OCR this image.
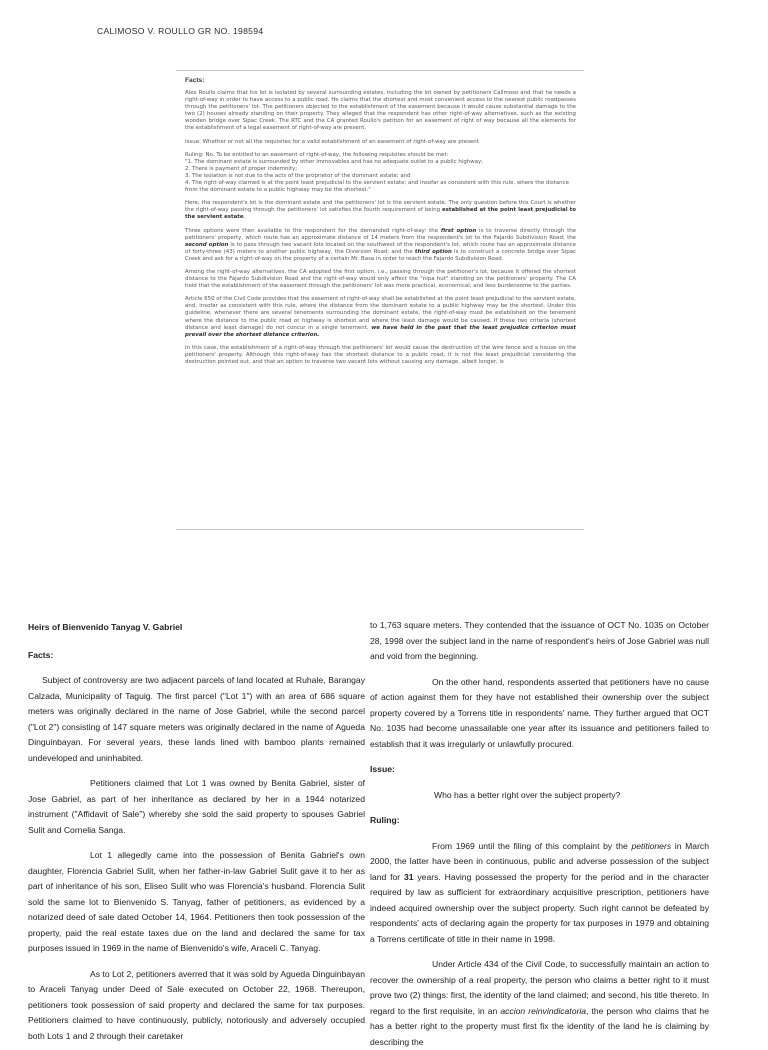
CALIMOSO V. ROULLO GR NO. 198594
Facts:

Alex Roullo claims that his lot is isolated by several surrounding estates, including the lot owned by petitioners Calimoso and that he needs a right-of-way in order to have access to a public road. He claims that the shortest and most convenient access to the nearest public roadpasses through the petitioners' lot. The petitioners objected to the establishment of the easement because it would cause substantial damage to the two (2) houses already standing on their property. They alleged that the respondent has other right-of-way alternatives, such as the existing wooden bridge over Sipac Creek. The RTC and the CA granted Roullo's petition for an easement of right of way because all the elements for the establishment of a legal easement of right-of-way are present.

Issue: Whether or not all the requisites for a valid establishment of an easement of right-of-way are present

Ruling: No. To be entitled to an easement of right-of-way, the following requisites should be met:
"1. The dominant estate is surrounded by other immovables and has no adequate outlet to a public highway;
2. There is payment of proper indemnity;
3. The isolation is not due to the acts of the proprietor of the dominant estate; and
4. The right-of-way claimed is at the point least prejudicial to the servient estate; and insofar as consistent with this rule, where the distance from the dominant estate to a public highway may be the shortest."

Here, the respondent's lot is the dominant estate and the petitioners' lot is the servient estate. The only question before this Court is whether the right-of-way passing through the petitioners' lot satisfies the fourth requirement of being established at the point least prejudicial to the servient estate.

Three options were then available to the respondent for the demanded right-of-way: the first option is to traverse directly through the petitioners' property, which route has an approximate distance of 14 meters from the respondent's lot to the Fajardo Subdivision Road; the second option is to pass through two vacant lots located on the southwest of the respondent's lot, which route has an approximate distance of forty-three (43) meters to another public highway, the Diversion Road; and the third option is to construct a concrete bridge over Sipac Creek and ask for a right-of-way on the property of a certain Mr. Basa in order to reach the Fajardo Subdivision Road.

Among the right-of-way alternatives, the CA adopted the first option, i.e., passing through the petitioner's lot, because it offered the shortest distance to the Fajardo Subdivision Road and the right-of-way would only affect the "nipa hut" standing on the petitioners' property. The CA held that the establishment of the easement through the petitioners' lot was more practical, economical, and less burdensome to the parties.

Article 650 of the Civil Code provides that the easement of right-of-way shall be established at the point least prejudicial to the servient estate, and, insofar as consistent with this rule, where the distance from the dominant estate to a public highway may be the shortest. Under this guideline, whenever there are several tenements surrounding the dominant estate, the right-of-way must be established on the tenement where the distance to the public road or highway is shortest and where the least damage would be caused. If these two criteria (shortest distance and least damage) do not concur in a single tenement, we have held in the past that the least prejudice criterion must prevail over the shortest distance criterion.

In this case, the establishment of a right-of-way through the petitioners' lot would cause the destruction of the wire fence and a house on the petitioners' property. Although this right-of-way has the shortest distance to a public road, it is not the least prejudicial considering the destruction pointed out, and that an option to traverse two vacant lots without causing any damage, albeit longer, is

Heirs of Bienvenido Tanyag V. Gabriel
Facts:

Subject of controversy are two adjacent parcels of land located at Ruhale, Barangay Calzada, Municipality of Taguig. The first parcel ("Lot 1") with an area of 686 square meters was originally declared in the name of Jose Gabriel, while the second parcel ("Lot 2") consisting of 147 square meters was originally declared in the name of Agueda Dinguinbayan. For several years, these lands lined with bamboo plants remained undeveloped and uninhabited.

Petitioners claimed that Lot 1 was owned by Benita Gabriel, sister of Jose Gabriel, as part of her inheritance as declared by her in a 1944 notarized instrument ("Affidavit of Sale") whereby she sold the said property to spouses Gabriel Sulit and Cornelia Sanga.

Lot 1 allegedly came into the possession of Benita Gabriel's own daughter, Florencia Gabriel Sulit, when her father-in-law Gabriel Sulit gave it to her as part of inheritance of his son, Eliseo Sulit who was Florencia's husband. Florencia Sulit sold the same lot to Bienvenido S. Tanyag, father of petitioners, as evidenced by a notarized deed of sale dated October 14, 1964. Petitioners then took possession of the property, paid the real estate taxes due on the land and declared the same for tax purposes issued in 1969 in the name of Bienvenido's wife, Araceli C. Tanyag.

As to Lot 2, petitioners averred that it was sold by Agueda Dinguinbayan to Araceli Tanyag under Deed of Sale executed on October 22, 1968. Thereupon, petitioners took possession of said property and declared the same for tax purposes. Petitioners claimed to have continuously, publicly, notoriously and adversely occupied both Lots 1 and 2 through their caretaker

to 1,763 square meters. They contended that the issuance of OCT No. 1035 on October 28, 1998 over the subject land in the name of respondent's heirs of Jose Gabriel was null and void from the beginning.

On the other hand, respondents asserted that petitioners have no cause of action against them for they have not established their ownership over the subject property covered by a Torrens title in respondents' name. They further argued that OCT No. 1035 had become unassailable one year after its issuance and petitioners failed to establish that it was irregularly or unlawfully procured.

Issue:
Who has a better right over the subject property?
Ruling:

From 1969 until the filing of this complaint by the petitioners in March 2000, the latter have been in continuous, public and adverse possession of the subject land for 31 years. Having possessed the property for the period and in the character required by law as sufficient for extraordinary acquisitive prescription, petitioners have indeed acquired ownership over the subject property. Such right cannot be defeated by respondents' acts of declaring again the property for tax purposes in 1979 and obtaining a Torrens certificate of title in their name in 1998.

Under Article 434 of the Civil Code, to successfully maintain an action to recover the ownership of a real property, the person who claims a better right to it must prove two (2) things: first, the identity of the land claimed; and second, his title thereto. In regard to the first requisite, in an accion reinvindicatoria, the person who claims that he has a better right to the property must first fix the identity of the land he is claiming by describing the
